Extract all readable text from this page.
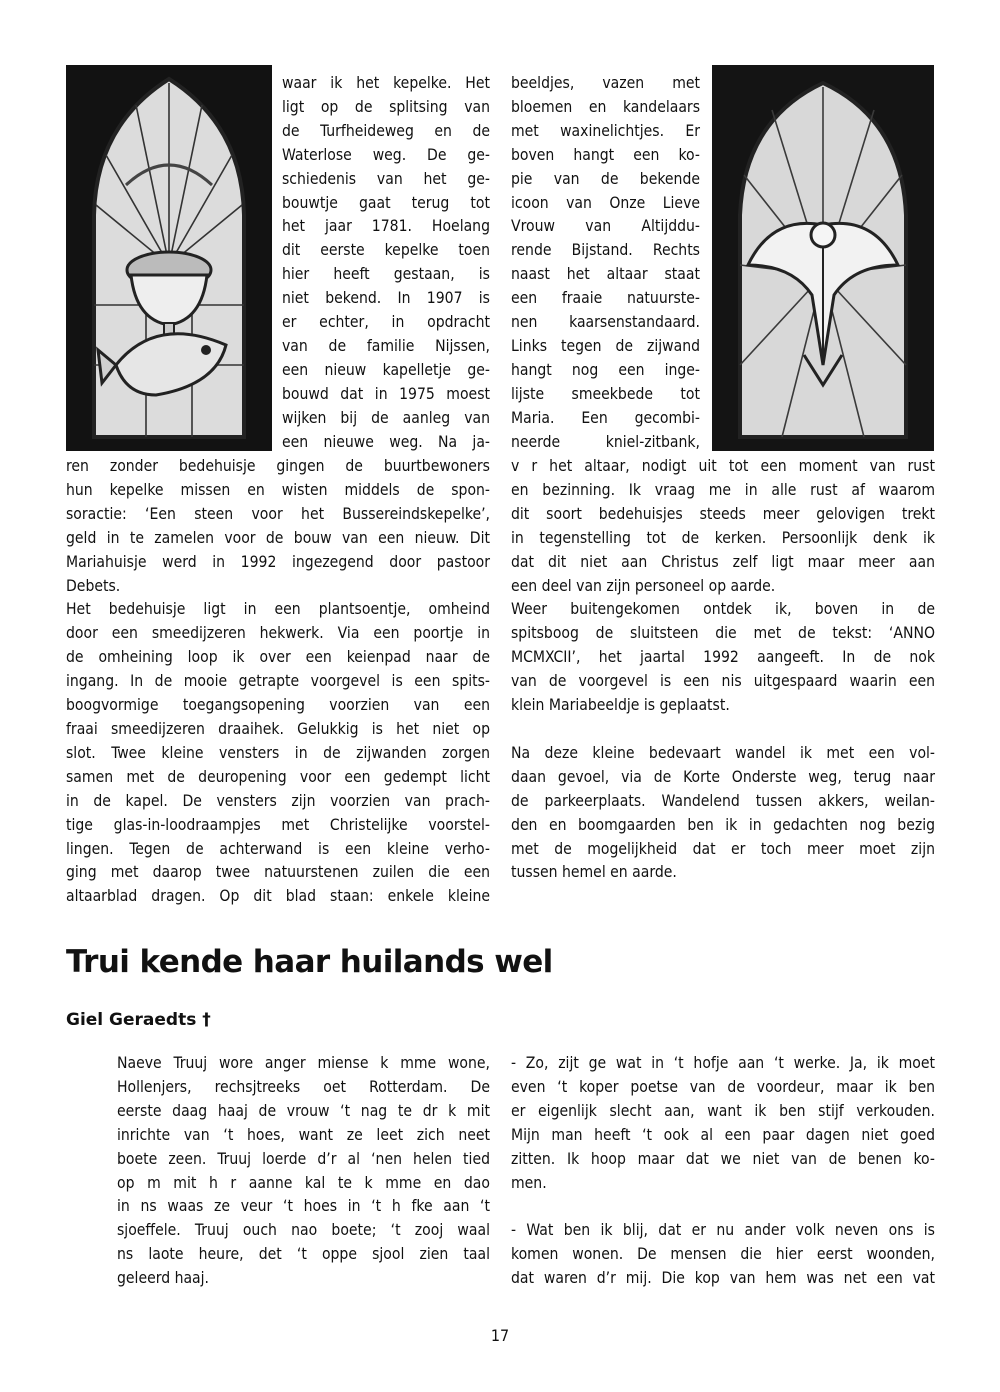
waar ik het kepelke. Het
ligt op de splitsing van
de Turfheideweg en de
Waterlose weg. De ge-
schiedenis van het ge-
bouwtje gaat terug tot
het jaar 1781. Hoelang
dit eerste kepelke toen
hier heeft gestaan, is
niet bekend. In 1907 is
er echter, in opdracht
van de familie Nijssen,
een nieuw kapelletje ge-
bouwd dat in 1975 moest
wijken bij de aanleg van
een nieuwe weg. Na ja-
ren zonder bedehuisje gingen de buurtbewoners
hun kepelke missen en wisten middels de spon-
soractie: ‘Een steen voor het Bussereindskepelke’,
geld in te zamelen voor de bouw van een nieuw. Dit
Mariahuisje werd in 1992 ingezegend door pastoor
Debets.
Het bedehuisje ligt in een plantsoentje, omheind
door een smeedijzeren hekwerk. Via een poortje in
de omheining loop ik over een keienpad naar de
ingang. In de mooie getrapte voorgevel is een spits-
boogvormige toegangsopening voorzien van een
fraai smeedijzeren draaihek. Gelukkig is het niet op
slot. Twee kleine vensters in de zijwanden zorgen
samen met de deuropening voor een gedempt licht
in de kapel. De vensters zijn voorzien van prach-
tige glas-in-loodraampjes met Christelijke voorstel-
lingen. Tegen de achterwand is een kleine verho-
ging met daarop twee natuurstenen zuilen die een
altaarblad dragen. Op dit blad staan: enkele kleine
beeldjes, vazen met
bloemen en kandelaars
met waxinelichtjes. Er
boven hangt een ko-
pie van de bekende
icoon van Onze Lieve
Vrouw van Altijddu-
rende Bijstand. Rechts
naast het altaar staat
een fraaie natuurste-
nen kaarsenstandaard.
Links tegen de zijwand
hangt nog een inge-
lijste smeekbede tot
Maria. Een gecombi-
neerde kniel-zitbank,
v r het altaar, nodigt uit tot een moment van rust
en bezinning. Ik vraag me in alle rust af waarom
dit soort bedehuisjes steeds meer gelovigen trekt
in tegenstelling tot de kerken. Persoonlijk denk ik
dat dit niet aan Christus zelf ligt maar meer aan
een deel van zijn personeel op aarde.
Weer buitengekomen ontdek ik, boven in de
spitsboog de sluitsteen die met de tekst: ‘ANNO
MCMXCII’, het jaartal 1992 aangeeft. In de nok
van de voorgevel is een nis uitgespaard waarin een
klein Mariabeeldje is geplaatst.

Na deze kleine bedevaart wandel ik met een vol-
daan gevoel, via de Korte Onderste weg, terug naar
de parkeerplaats. Wandelend tussen akkers, weilan-
den en boomgaarden ben ik in gedachten nog bezig
met de mogelijkheid dat er toch meer moet zijn
tussen hemel en aarde.
Trui kende haar huilands wel

Giel Geraedts †

Naeve Truuj wore anger miense k mme wone,
Hollenjers, rechsjtreeks oet Rotterdam. De
eerste daag haaj de vrouw ‘t nag te dr k mit
inrichte van ‘t hoes, want ze leet zich neet
boete zeen. Truuj loerde d’r al ‘nen helen tied
op m mit h r aanne kal te k mme en dao
in ns waas ze veur ‘t hoes in ‘t h fke aan ‘t
sjoeffele. Truuj ouch nao boete; ‘t zooj waal
ns laote heure, det ‘t oppe sjool zien taal
geleerd haaj.
- Zo, zijt ge wat in ‘t hofje aan ‘t werke. Ja, ik moet
even ‘t koper poetse van de voordeur, maar ik ben
er eigenlijk slecht aan, want ik ben stijf verkouden.
Mijn man heeft ‘t ook al een paar dagen niet goed
zitten. Ik hoop maar dat we niet van de benen ko-
men.

- Wat ben ik blij, dat er nu ander volk neven ons is
komen wonen. De mensen die hier eerst woonden,
dat waren d’r mij. Die kop van hem was net een vat
17
